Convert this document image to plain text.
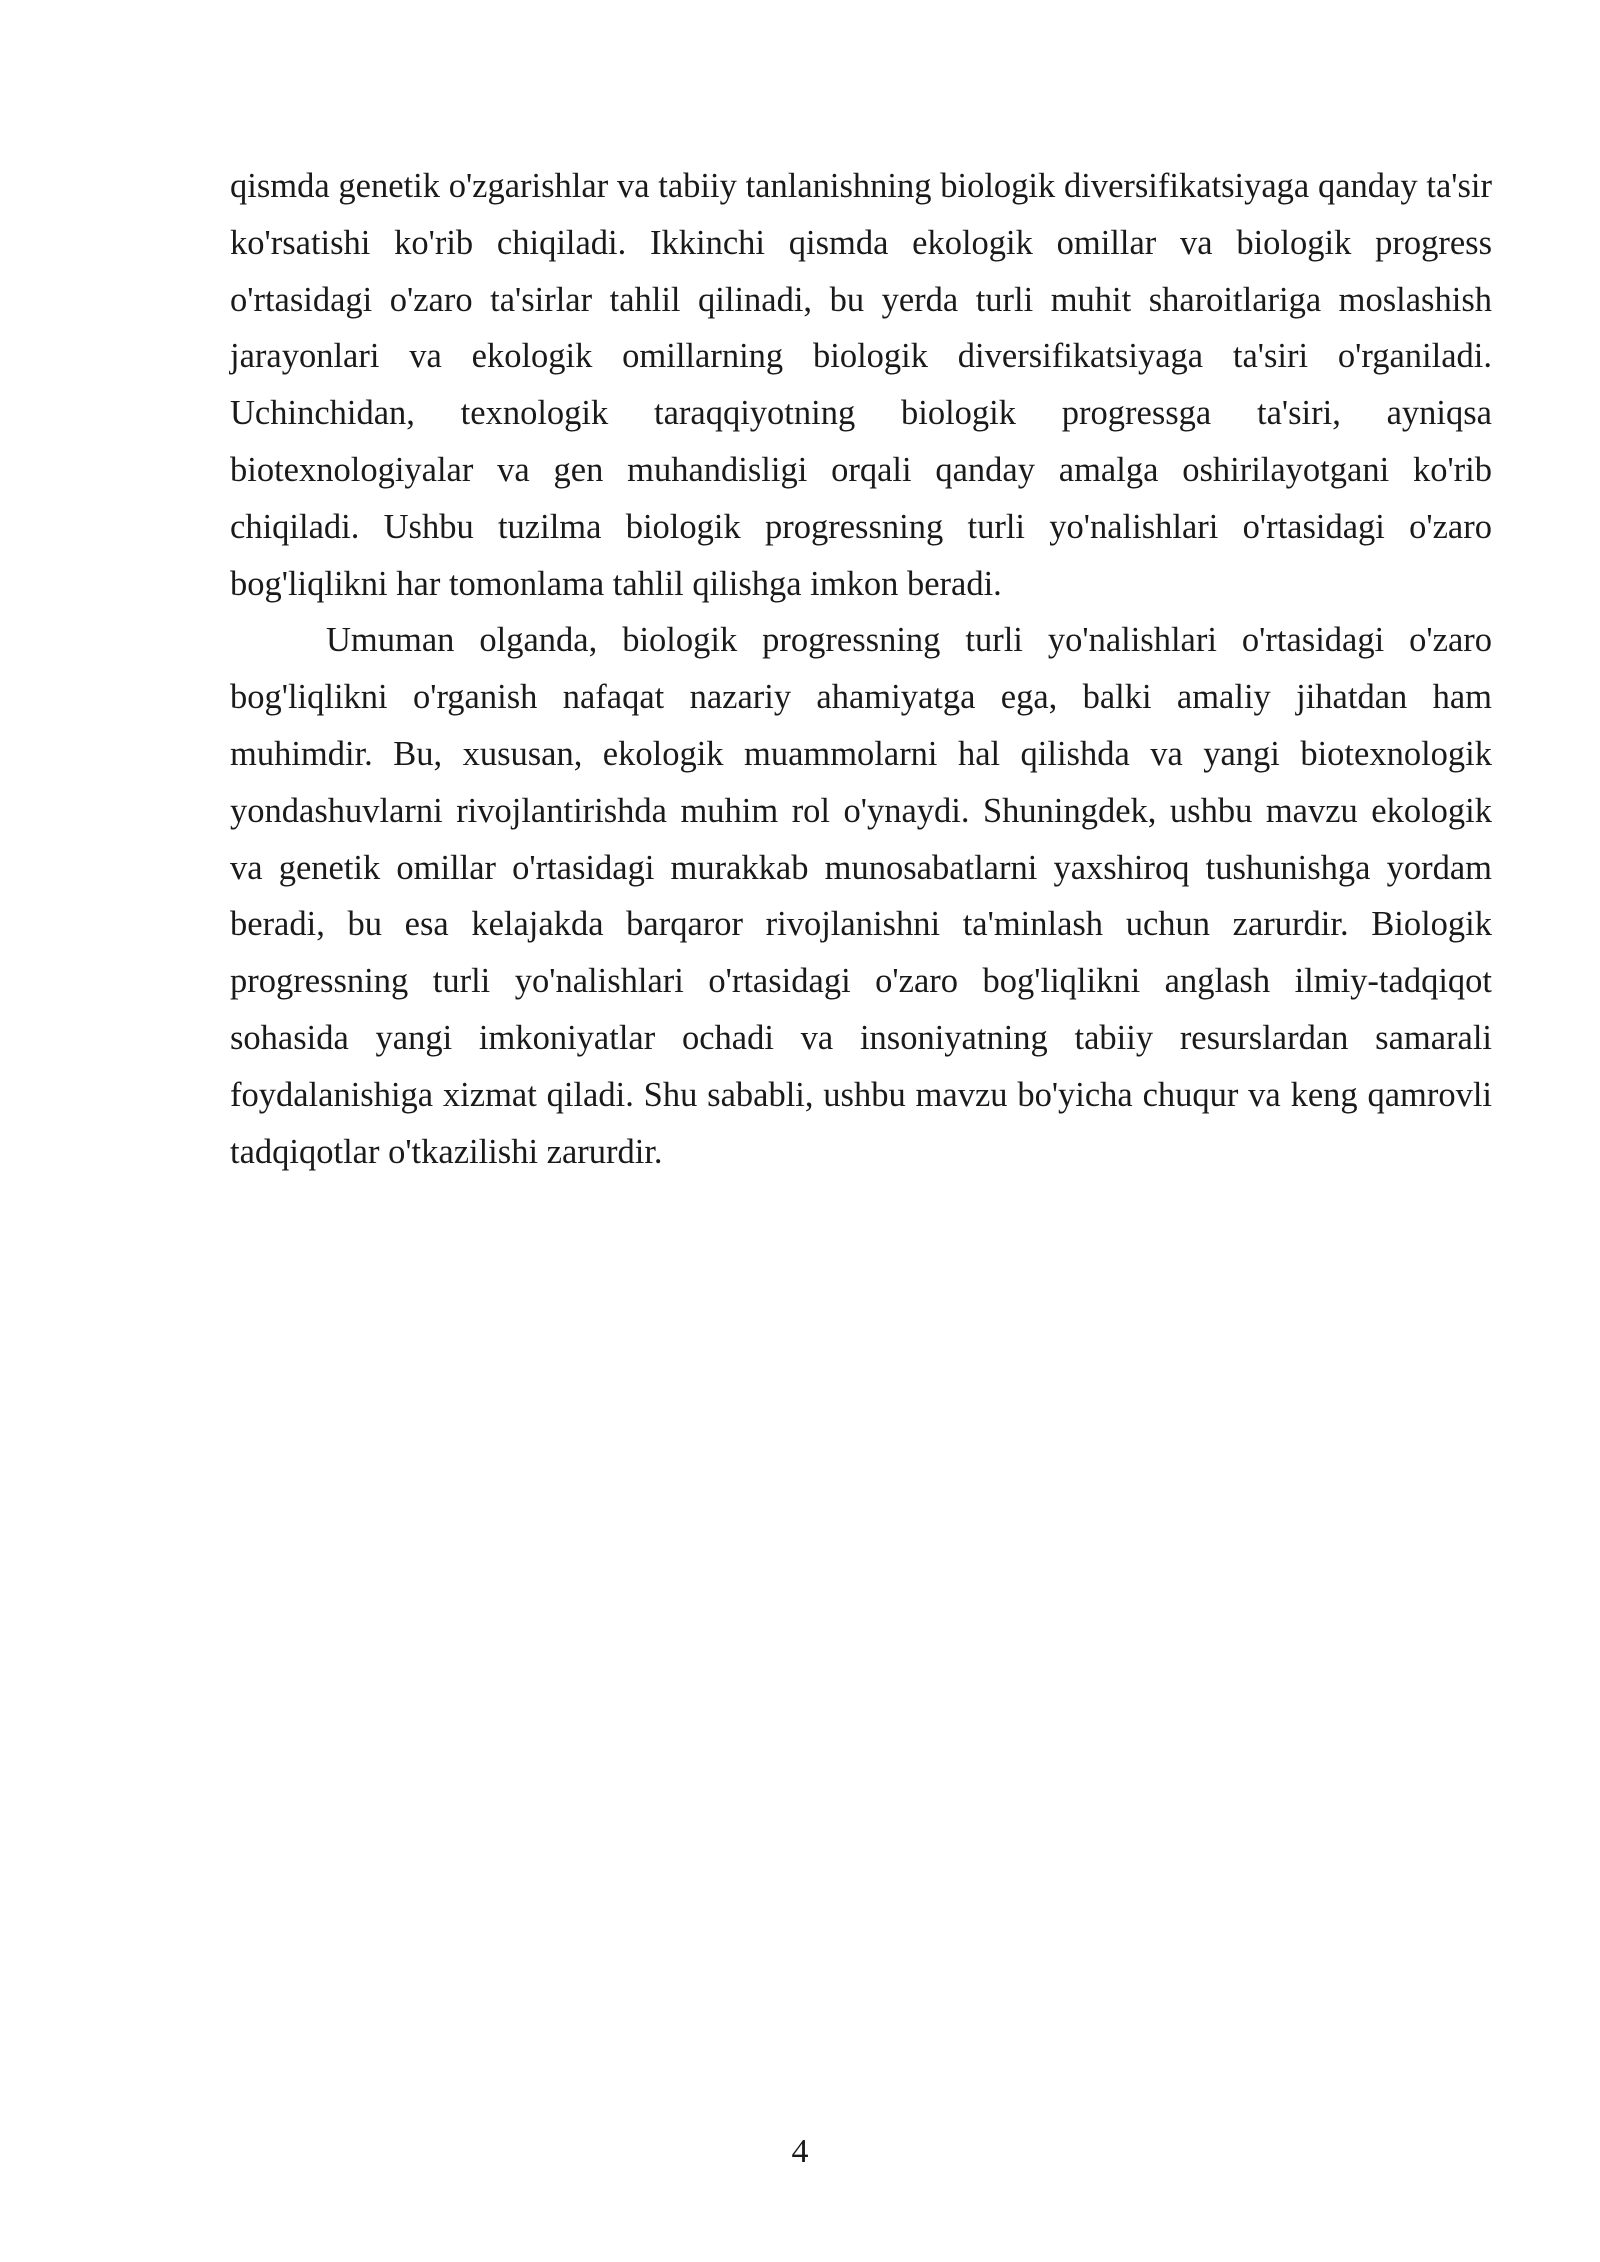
qismda genetik o'zgarishlar va tabiiy tanlanishning biologik diversifikatsiyaga qanday ta'sir ko'rsatishi ko'rib chiqiladi. Ikkinchi qismda ekologik omillar va biologik progress o'rtasidagi o'zaro ta'sirlar tahlil qilinadi, bu yerda turli muhit sharoitlariga moslashish jarayonlari va ekologik omillarning biologik diversifikatsiyaga ta'siri o'rganiladi. Uchinchidan, texnologik taraqqiyotning biologik progressga ta'siri, ayniqsa biotexnologiyalar va gen muhandisligi orqali qanday amalga oshirilayotgani ko'rib chiqiladi. Ushbu tuzilma biologik progressning turli yo'nalishlari o'rtasidagi o'zaro bog'liqlikni har tomonlama tahlil qilishga imkon beradi.

Umuman olganda, biologik progressning turli yo'nalishlari o'rtasidagi o'zaro bog'liqlikni o'rganish nafaqat nazariy ahamiyatga ega, balki amaliy jihatdan ham muhimdir. Bu, xususan, ekologik muammolarni hal qilishda va yangi biotexnologik yondashuvlarni rivojlantirishda muhim rol o'ynaydi. Shuningdek, ushbu mavzu ekologik va genetik omillar o'rtasidagi murakkab munosabatlarni yaxshiroq tushunishga yordam beradi, bu esa kelajakda barqaror rivojlanishni ta'minlash uchun zarurdir. Biologik progressning turli yo'nalishlari o'rtasidagi o'zaro bog'liqlikni anglash ilmiy-tadqiqot sohasida yangi imkoniyatlar ochadi va insoniyatning tabiiy resurslardan samarali foydalanishiga xizmat qiladi. Shu sababli, ushbu mavzu bo'yicha chuqur va keng qamrovli tadqiqotlar o'tkazilishi zarurdir.

4
